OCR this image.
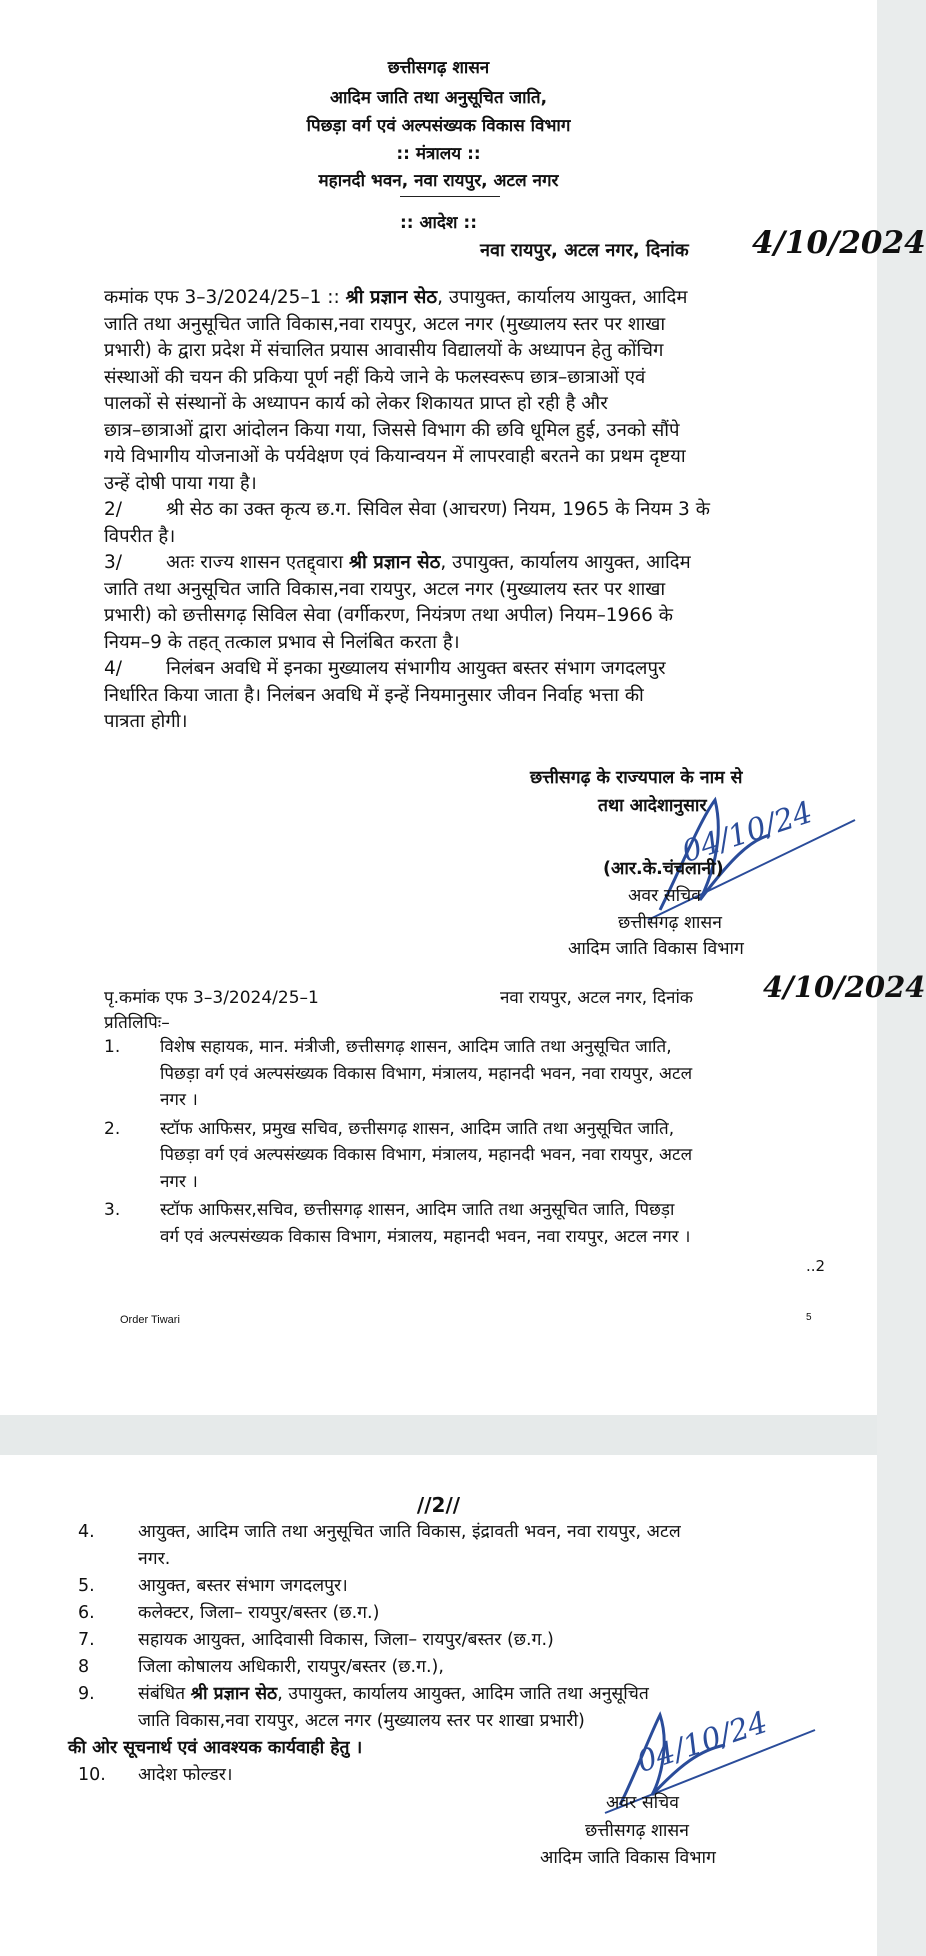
छत्तीसगढ़ शासन
आदिम जाति तथा अनुसूचित जाति,
पिछड़ा वर्ग एवं अल्पसंख्यक विकास विभाग
:: मंत्रालय ::
महानदी भवन, नवा रायपुर, अटल नगर
:: आदेश ::
नवा रायपुर, अटल नगर, दिनांक 4/10/2024
कमांक एफ 3–3/2024/25–1 :: श्री प्रज्ञान सेठ, उपायुक्त, कार्यालय आयुक्त, आदिम
जाति तथा अनुसूचित जाति विकास,नवा रायपुर, अटल नगर (मुख्यालय स्तर पर शाखा
प्रभारी) के द्वारा प्रदेश में संचालित प्रयास आवासीय विद्यालयों के अध्यापन हेतु कोंचिग
संस्थाओं की चयन की प्रकिया पूर्ण नहीं किये जाने के फलस्वरूप छात्र–छात्राओं एवं
पालकों से संस्थानों के अध्यापन कार्य को लेकर शिकायत प्राप्त हो रही है और
छात्र–छात्राओं द्वारा आंदोलन किया गया, जिससे विभाग की छवि धूमिल हुई, उनको सौंपे
गये विभागीय योजनाओं के पर्यवेक्षण एवं कियान्वयन में लापरवाही बरतने का प्रथम दृष्टया
उन्हें दोषी पाया गया है।
2/ श्री सेठ का उक्त कृत्य छ.ग. सिविल सेवा (आचरण) नियम, 1965 के नियम 3 के
विपरीत है।
3/ अतः राज्य शासन एतद्द्वारा श्री प्रज्ञान सेठ, उपायुक्त, कार्यालय आयुक्त, आदिम
जाति तथा अनुसूचित जाति विकास,नवा रायपुर, अटल नगर (मुख्यालय स्तर पर शाखा
प्रभारी) को छत्तीसगढ़ सिविल सेवा (वर्गीकरण, नियंत्रण तथा अपील) नियम–1966 के
नियम–9 के तहत् तत्काल प्रभाव से निलंबित करता है।
4/ निलंबन अवधि में इनका मुख्यालय संभागीय आयुक्त बस्तर संभाग जगदलपुर
निर्धारित किया जाता है। निलंबन अवधि में इन्हें नियमानुसार जीवन निर्वाह भत्ता की
पात्रता होगी।
छत्तीसगढ़ के राज्यपाल के नाम से
तथा आदेशानुसार
04/10/24
(आर.के.चंचलानी)
अवर सचिव
छत्तीसगढ़ शासन
आदिम जाति विकास विभाग
पृ.कमांक एफ 3–3/2024/25–1	नवा रायपुर, अटल नगर, दिनांक 4/10/2024
प्रतिलिपिः–
1.	विशेष सहायक, मान. मंत्रीजी, छत्तीसगढ़ शासन, आदिम जाति तथा अनुसूचित जाति,
पिछड़ा वर्ग एवं अल्पसंख्यक विकास विभाग, मंत्रालय, महानदी भवन, नवा रायपुर, अटल
नगर ।
2.	स्टॉफ आफिसर, प्रमुख सचिव, छत्तीसगढ़ शासन, आदिम जाति तथा अनुसूचित जाति,
पिछड़ा वर्ग एवं अल्पसंख्यक विकास विभाग, मंत्रालय, महानदी भवन, नवा रायपुर, अटल
नगर ।
3.	स्टॉफ आफिसर,सचिव, छत्तीसगढ़ शासन, आदिम जाति तथा अनुसूचित जाति, पिछड़ा
वर्ग एवं अल्पसंख्यक विकास विभाग, मंत्रालय, महानदी भवन, नवा रायपुर, अटल नगर ।
..2
Order Tiwari	5
//2//
4.	आयुक्त, आदिम जाति तथा अनुसूचित जाति विकास, इंद्रावती भवन, नवा रायपुर, अटल
नगर.
5.	आयुक्त, बस्तर संभाग जगदलपुर।
6.	कलेक्टर, जिला– रायपुर/बस्तर (छ.ग.)
7.	सहायक आयुक्त, आदिवासी विकास, जिला– रायपुर/बस्तर (छ.ग.)
8	जिला कोषालय अधिकारी, रायपुर/बस्तर (छ.ग.),
9.	संबंधित श्री प्रज्ञान सेठ, उपायुक्त, कार्यालय आयुक्त, आदिम जाति तथा अनुसूचित
जाति विकास,नवा रायपुर, अटल नगर (मुख्यालय स्तर पर शाखा प्रभारी)
की ओर सूचनार्थ एवं आवश्यक कार्यवाही हेतु ।
10.	आदेश फोल्डर।	04/10/24
अवर सचिव
छत्तीसगढ़ शासन
आदिम जाति विकास विभाग
